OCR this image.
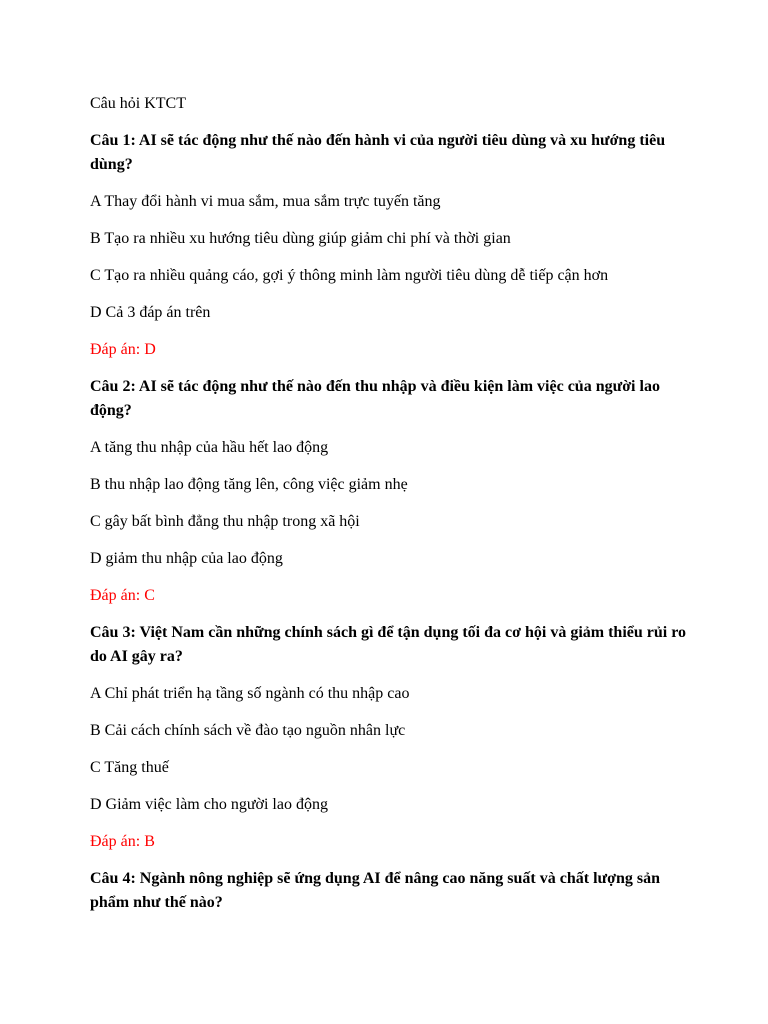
Câu hỏi KTCT
Câu 1: AI sẽ tác động như thế nào đến hành vi của người tiêu dùng và xu hướng tiêu dùng?
A Thay đổi hành vi mua sắm, mua sắm trực tuyến tăng
B Tạo ra nhiều xu hướng tiêu dùng giúp giảm chi phí và thời gian
C Tạo ra nhiều quảng cáo, gợi ý thông minh làm người tiêu dùng dễ tiếp cận hơn
D Cả 3 đáp án trên
Đáp án: D
Câu 2: AI sẽ tác động như thế nào đến thu nhập và điều kiện làm việc của người lao động?
A tăng thu nhập của hầu hết lao động
B thu nhập lao động tăng lên, công việc giảm nhẹ
C gây bất bình đẳng thu nhập trong xã hội
D giảm thu nhập của lao động
Đáp án: C
Câu 3: Việt Nam cần những chính sách gì để tận dụng tối đa cơ hội và giảm thiểu rủi ro do AI gây ra?
A Chỉ phát triển hạ tầng số ngành có thu nhập cao
B Cải cách chính sách về đào tạo nguồn nhân lực
C Tăng thuế
D Giảm việc làm cho người lao động
Đáp án: B
Câu 4: Ngành nông nghiệp sẽ ứng dụng AI để nâng cao năng suất và chất lượng sản phẩm như thế nào?
